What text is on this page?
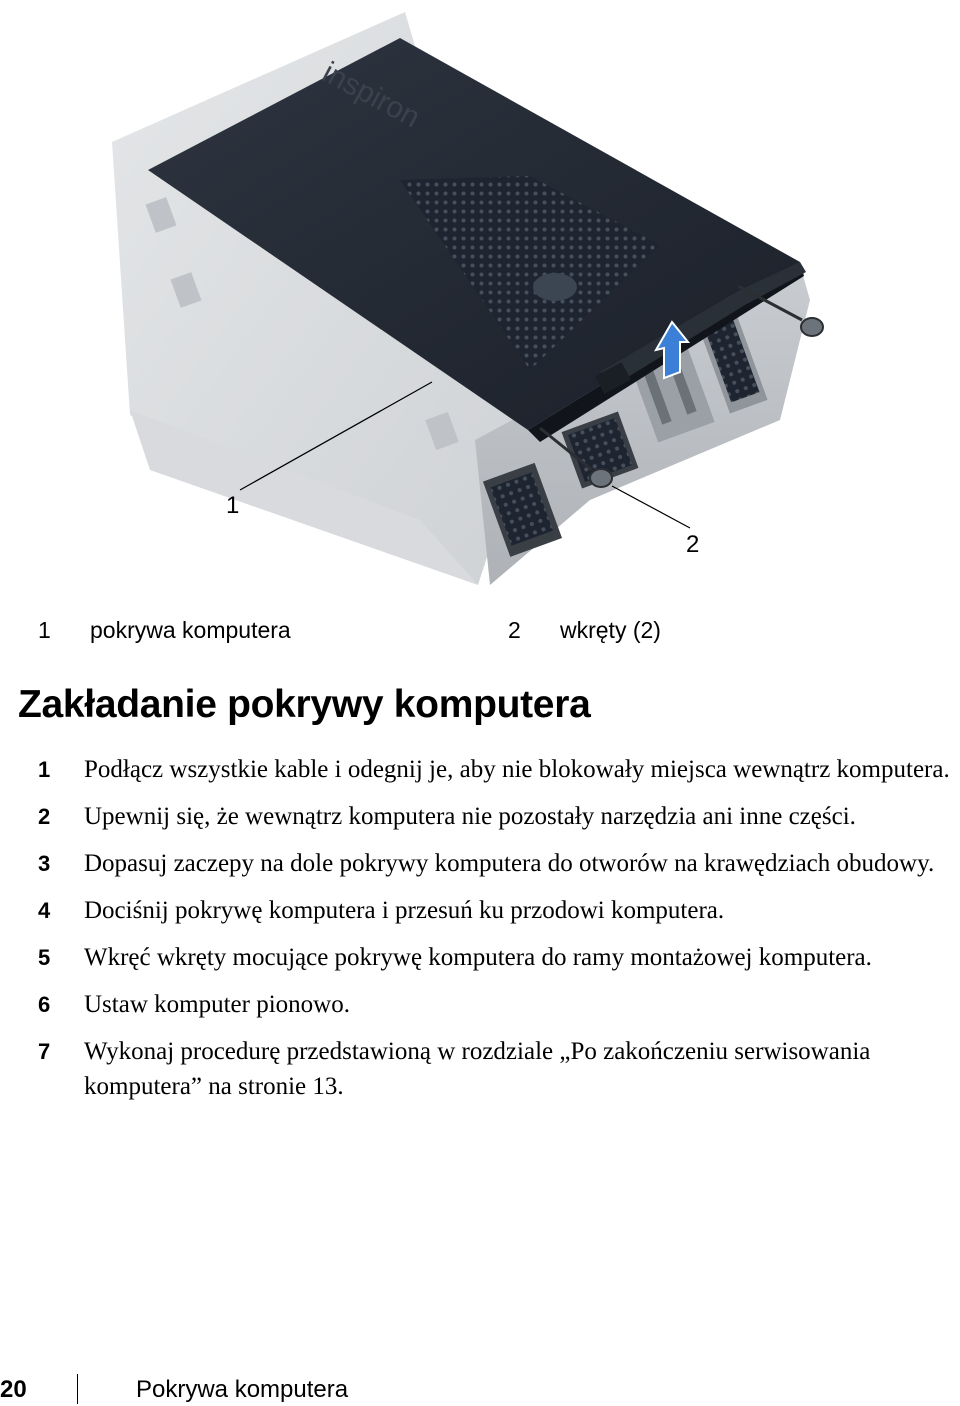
inspiron
1
2
1 pokrywa komputera	2 wkręty (2)
Zakładanie pokrywy komputera
1 Podłącz wszystkie kable i odegnij je, aby nie blokowały miejsca wewnątrz komputera.
2 Upewnij się, że wewnątrz komputera nie pozostały narzędzia ani inne części.
3 Dopasuj zaczepy na dole pokrywy komputera do otworów na krawędziach obudowy.
4 Dociśnij pokrywę komputera i przesuń ku przodowi komputera.
5 Wkręć wkręty mocujące pokrywę komputera do ramy montażowej komputera.
6 Ustaw komputer pionowo.
7 Wykonaj procedurę przedstawioną w rozdziale „Po zakończeniu serwisowania komputera” na stronie 13.
20	Pokrywa komputera
